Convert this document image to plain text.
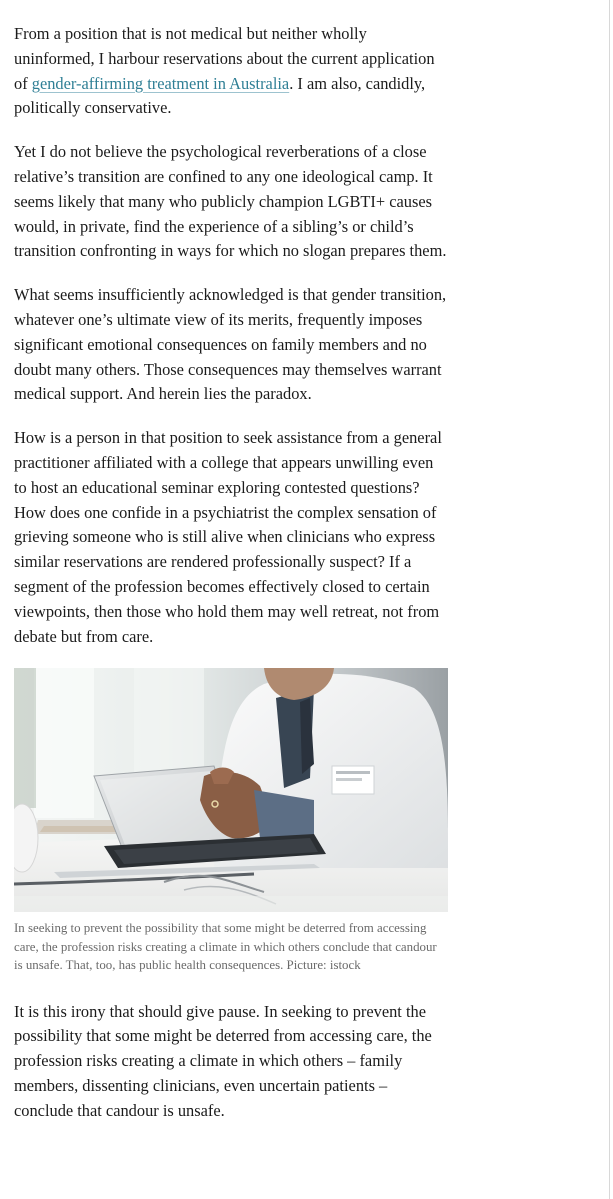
From a position that is not medical but neither wholly uninformed, I harbour reservations about the current application of gender-affirming treatment in Australia. I am also, candidly, politically conservative.

Yet I do not believe the psychological reverberations of a close relative’s transition are confined to any one ideological camp. It seems likely that many who publicly champion LGBTI+ causes would, in private, find the experience of a sibling’s or child’s transition confronting in ways for which no slogan prepares them.

What seems insufficiently acknowledged is that gender transition, whatever one’s ultimate view of its merits, frequently imposes significant emotional consequences on family members and no doubt many others. Those consequences may themselves warrant medical support. And herein lies the paradox.

How is a person in that position to seek assistance from a general practitioner affiliated with a college that appears unwilling even to host an educational seminar exploring contested questions? How does one confide in a psychiatrist the complex sensation of grieving someone who is still alive when clinicians who express similar reservations are rendered professionally suspect? If a segment of the profession becomes effectively closed to certain viewpoints, then those who hold them may well retreat, not from debate but from care.

In seeking to prevent the possibility that some might be deterred from accessing care, the profession risks creating a climate in which others conclude that candour is unsafe. That, too, has public health consequences. Picture: istock

It is this irony that should give pause. In seeking to prevent the possibility that some might be deterred from accessing care, the profession risks creating a climate in which others – family members, dissenting clinicians, even uncertain patients – conclude that candour is unsafe.
